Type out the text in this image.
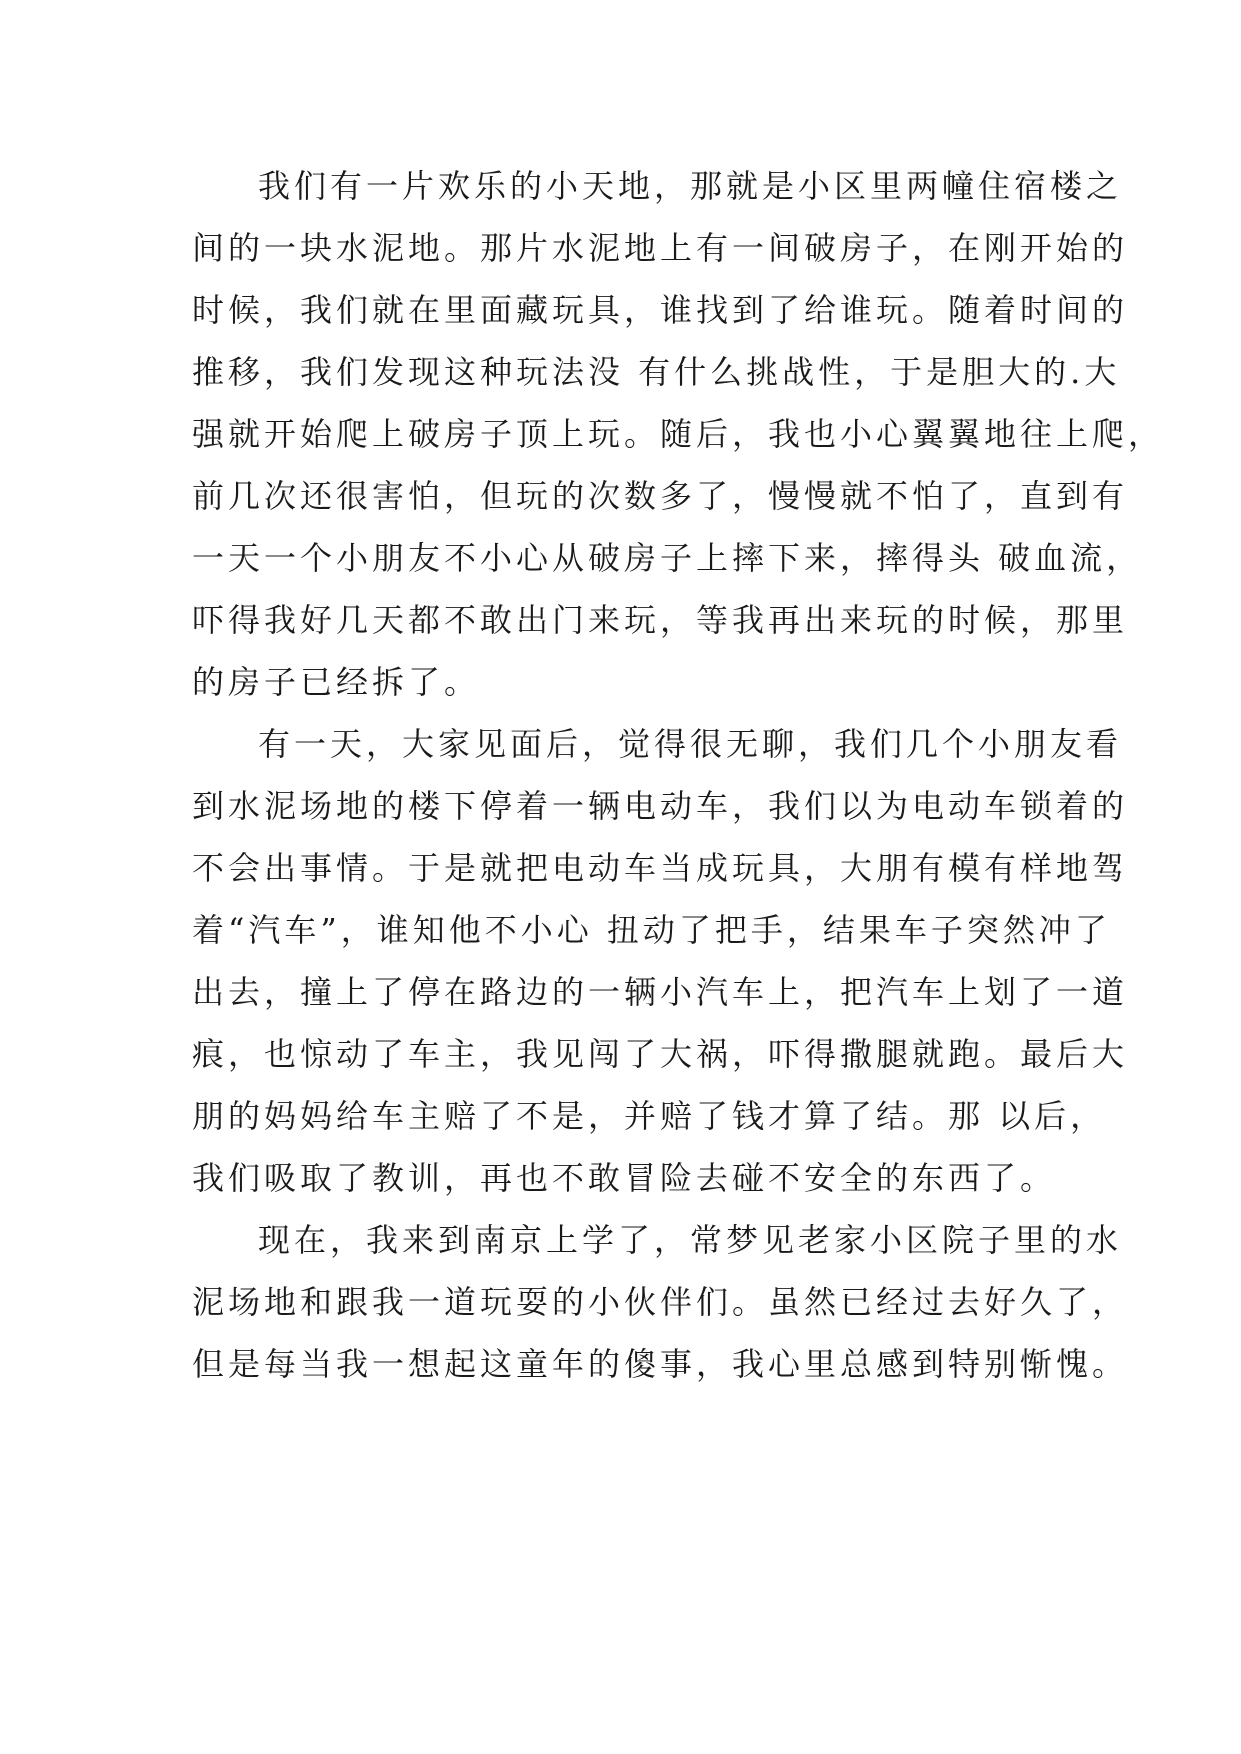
我们有一片欢乐的小天地，那就是小区里两幢住宿楼之
间的一块水泥地。那片水泥地上有一间破房子，在刚开始的
时候，我们就在里面藏玩具，谁找到了给谁玩。随着时间的
推移，我们发现这种玩法没 有什么挑战性，于是胆大的.大
强就开始爬上破房子顶上玩。随后，我也小心翼翼地往上爬，
前几次还很害怕，但玩的次数多了，慢慢就不怕了，直到有
一天一个小朋友不小心从破房子上摔下来，摔得头 破血流，
吓得我好几天都不敢出门来玩，等我再出来玩的时候，那里
的房子已经拆了。
有一天，大家见面后，觉得很无聊，我们几个小朋友看
到水泥场地的楼下停着一辆电动车，我们以为电动车锁着的
不会出事情。于是就把电动车当成玩具，大朋有模有样地驾
着“汽车”，谁知他不小心 扭动了把手，结果车子突然冲了
出去，撞上了停在路边的一辆小汽车上，把汽车上划了一道
痕，也惊动了车主，我见闯了大祸，吓得撒腿就跑。最后大
朋的妈妈给车主赔了不是，并赔了钱才算了结。那 以后，
我们吸取了教训，再也不敢冒险去碰不安全的东西了。
现在，我来到南京上学了，常梦见老家小区院子里的水
泥场地和跟我一道玩耍的小伙伴们。虽然已经过去好久了，
但是每当我一想起这童年的傻事，我心里总感到特别惭愧。
